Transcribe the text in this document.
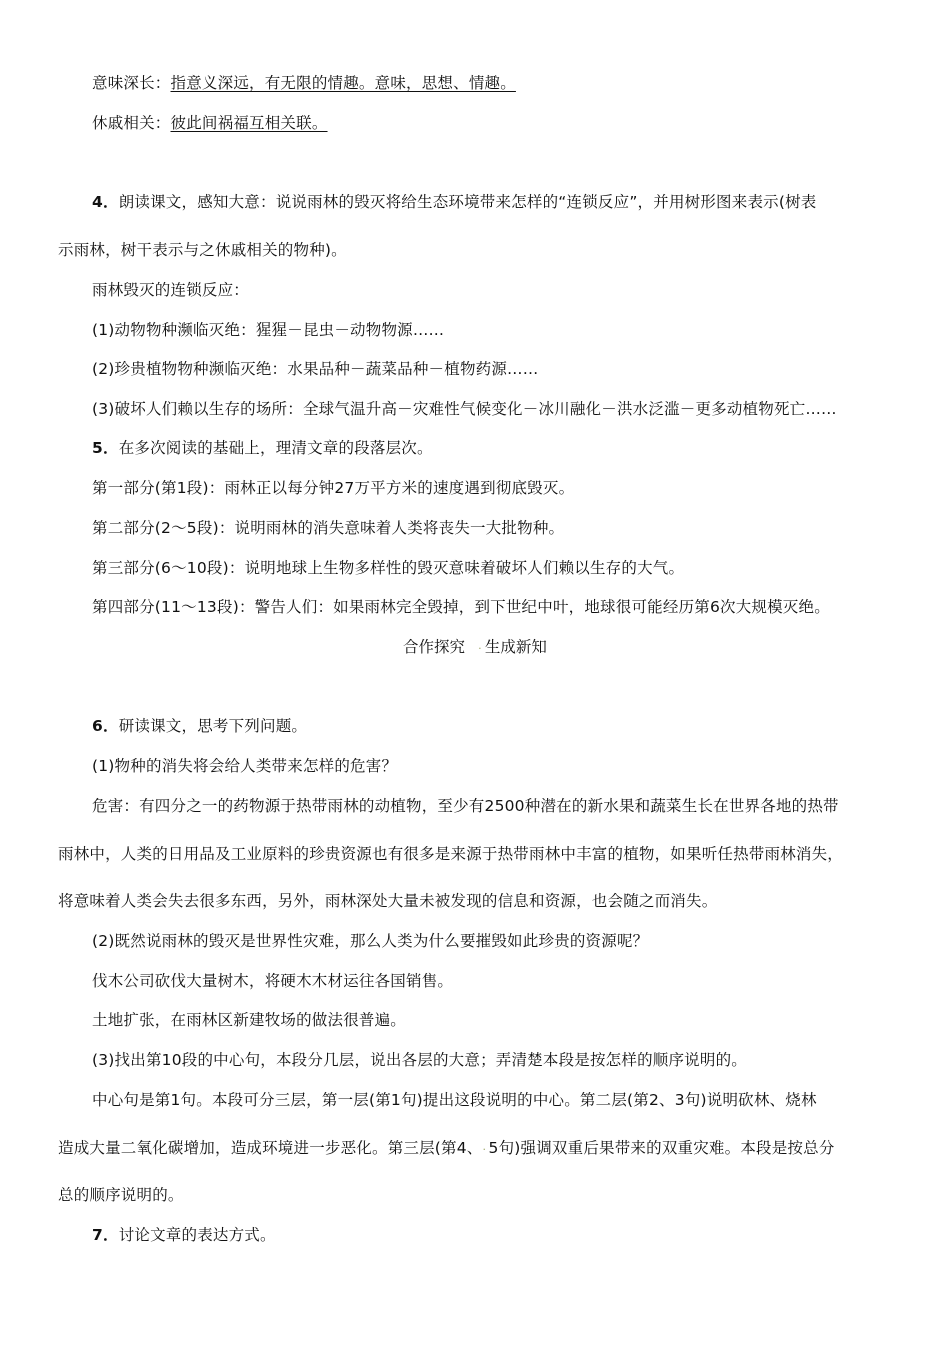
意味深长：指意义深远，有无限的情趣。意味，思想、情趣。
休戚相关：彼此间祸福互相关联。
4．朗读课文，感知大意：说说雨林的毁灭将给生态环境带来怎样的“连锁反应”，并用树形图来表示(树表
示雨林，树干表示与之休戚相关的物种)。
雨林毁灭的连锁反应：
(1)动物物种濒临灭绝：猩猩－昆虫－动物物源……
(2)珍贵植物物种濒临灭绝：水果品种－蔬菜品种－植物药源……
(3)破坏人们赖以生存的场所：全球气温升高－灾难性气候变化－冰川融化－洪水泛滥－更多动植物死亡……
5．在多次阅读的基础上，理清文章的段落层次。
第一部分(第1段)：雨林正以每分钟27万平方米的速度遇到彻底毁灭。
第二部分(2～5段)：说明雨林的消失意味着人类将丧失一大批物种。
第三部分(6～10段)：说明地球上生物多样性的毁灭意味着破坏人们赖以生存的大气。
第四部分(11～13段)：警告人们：如果雨林完全毁掉，到下世纪中叶，地球很可能经历第6次大规模灭绝。
合作探究 · 生成新知
6．研读课文，思考下列问题。
(1)物种的消失将会给人类带来怎样的危害？
危害：有四分之一的药物源于热带雨林的动植物，至少有2500种潜在的新水果和蔬菜生长在世界各地的热带
雨林中，人类的日用品及工业原料的珍贵资源也有很多是来源于热带雨林中丰富的植物，如果听任热带雨林消失，
将意味着人类会失去很多东西，另外，雨林深处大量未被发现的信息和资源，也会随之而消失。
(2)既然说雨林的毁灭是世界性灾难，那么人类为什么要摧毁如此珍贵的资源呢？
伐木公司砍伐大量树木，将硬木木材运往各国销售。
土地扩张，在雨林区新建牧场的做法很普遍。
(3)找出第10段的中心句，本段分几层，说出各层的大意；弄清楚本段是按怎样的顺序说明的。
中心句是第1句。本段可分三层，第一层(第1句)提出这段说明的中心。第二层(第2、3句)说明砍林、烧林
造成大量二氧化碳增加，造成环境进一步恶化。第三层(第4、· 5句)强调双重后果带来的双重灾难。本段是按总分
总的顺序说明的。
7．讨论文章的表达方式。
